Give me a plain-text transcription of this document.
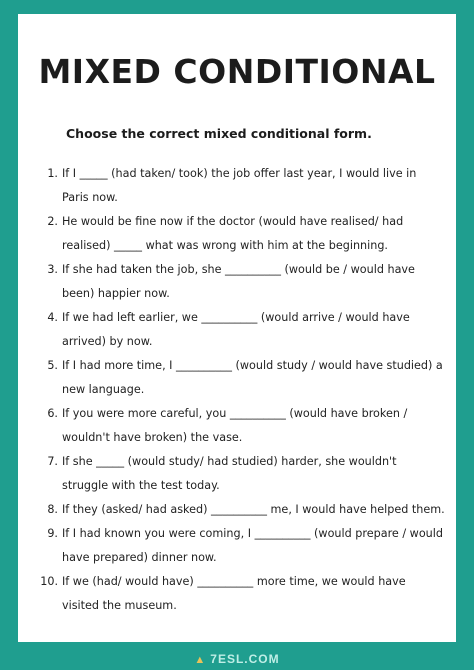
MIXED CONDITIONAL

Choose the correct mixed conditional form.

1. If I _____ (had taken/ took) the job offer last year, I would live in Paris now.
2. He would be fine now if the doctor (would have realised/ had realised) _____ what was wrong with him at the beginning.
3. If she had taken the job, she __________ (would be / would have been) happier now.
4. If we had left earlier, we __________ (would arrive / would have arrived) by now.
5. If I had more time, I __________ (would study / would have studied) a new language.
6. If you were more careful, you __________ (would have broken / wouldn't have broken) the vase.
7. If she _____ (would study/ had studied) harder, she wouldn't struggle with the test today.
8. If they (asked/ had asked) __________ me, I would have helped them.
9. If I had known you were coming, I __________ (would prepare / would have prepared) dinner now.
10. If we (had/ would have) __________ more time, we would have visited the museum.
▲ 7ESL.COM
